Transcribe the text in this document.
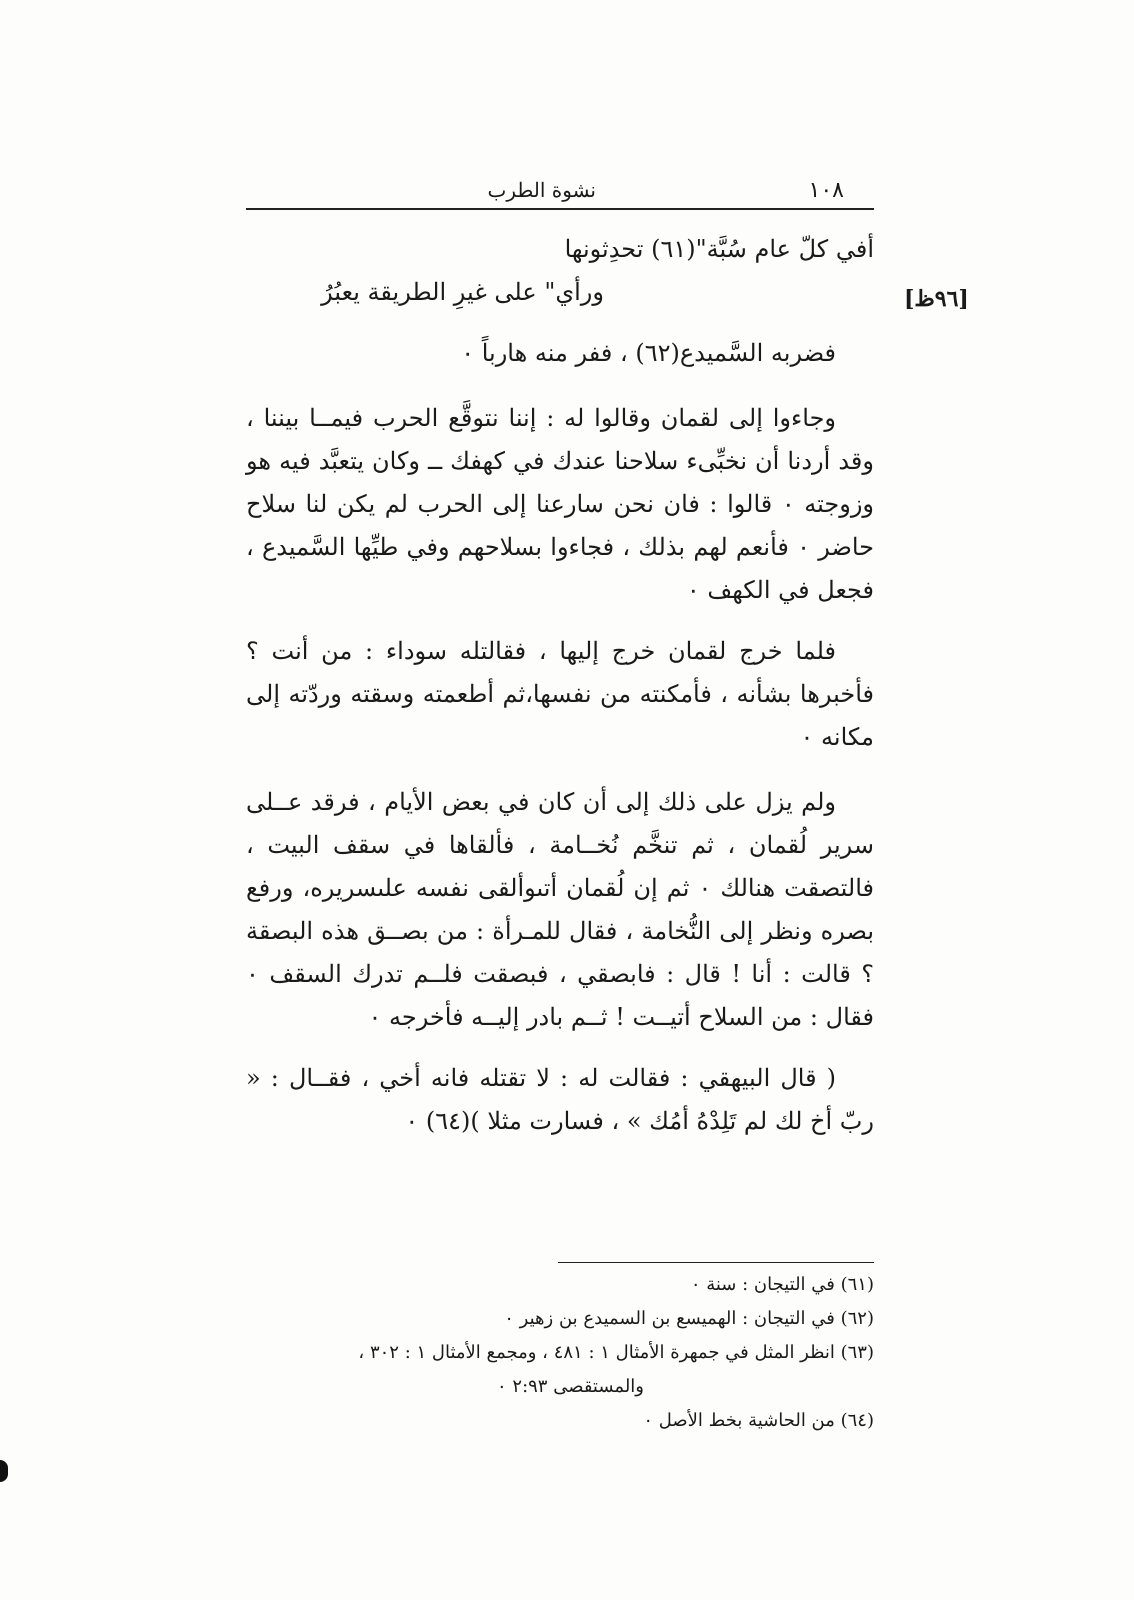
١٠٨
نشوة الطرب
[٩٦ظ]

أفي كلّ عام سُبَّة"(٦١) تحدِثونها

ورأي" على غيرِ الطريقة يعبُرُ

فضربه السَّميدع(٦٢) ، ففر منه هارباً ٠

وجاءوا إلى لقمان وقالوا له : إننا نتوقَّع الحرب فيمــا بيننا ، وقد أردنا أن نخبِّىء سلاحنا عندك في كهفك ــ وكان يتعبَّد فيه هو وزوجته ٠ قالوا : فان نحن سارعنا إلى الحرب لم يكن لنا سلاح حاضر ٠ فأنعم لهم بذلك ، فجاءوا بسلاحهم وفي طيِّها السَّميدع ، فجعل في الكهف ٠

فلما خرج لقمان خرج إليها ، فقالتله سوداء : من أنت ؟ فأخبرها بشأنه ، فأمكنته من نفسها،ثم أطعمته وسقته وردّته إلى مكانه ٠

ولم يزل على ذلك إلى أن كان في بعض الأيام ، فرقد عــلى سرير لُقمان ، ثم تنخَّم نُخــامة ، فألقاها في سقف البيت ، فالتصقت هنالك ٠ ثم إن لُقمان أتىوألقى نفسه علىسريره، ورفع بصره ونظر إلى النُّخامة ، فقال للمـرأة : من بصــق هذه البصقة ؟ قالت : أنا ! قال : فابصقي ، فبصقت فلــم تدرك السقف ٠ فقال : من السلاح أتيــت ! ثــم بادر إليــه فأخرجه ٠

( قال البيهقي : فقالت له : لا تقتله فانه أخي ، فقــال : « ربّ أخ لك لم تَلِدْهُ أمُك » ، فسارت مثلا )(٦٤) ٠

(٦١) في التيجان : سنة ٠

(٦٢) في التيجان : الهميسع بن السميدع بن زهير ٠

(٦٣) انظر المثل في جمهرة الأمثال ١ : ٤٨١ ، ومجمع الأمثال ١ : ٣٠٢ ،

والمستقصى ٢:٩٣ ٠

(٦٤) من الحاشية بخط الأصل ٠
